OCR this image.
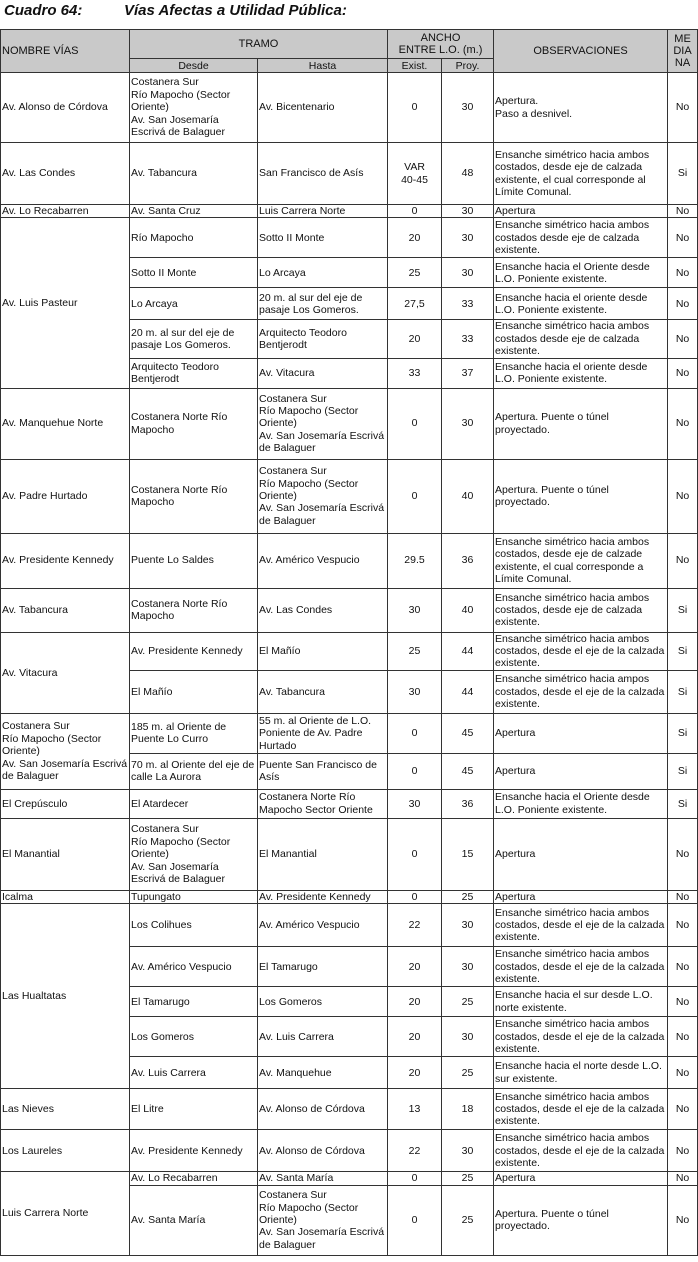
Cuadro 64:	Vías Afectas a Utilidad Pública:
NOMBRE VÍAS	TRAMO		ANCHO
ENTRE L.O. (m.)		OBSERVACIONES	ME
DIA
NA
	Desde	Hasta	Exist.	Proy.		
Av. Alonso de Córdova	Costanera Sur
Río Mapocho (Sector Oriente)
Av. San Josemaría Escrivá de Balaguer	Av. Bicentenario	0	30	Apertura.
Paso a desnivel.	No
Av. Las Condes	Av. Tabancura	San Francisco de Asís	VAR
40-45	48	Ensanche simétrico hacia ambos costados, desde eje de calzada existente, el cual corresponde al Límite Comunal.	Si
Av. Lo Recabarren	Av. Santa Cruz	Luis Carrera Norte	0	30	Apertura	No
Av. Luis Pasteur	Río Mapocho	Sotto II Monte	20	30	Ensanche simétrico hacia ambos costados desde eje de calzada existente.	No
	Sotto II Monte	Lo Arcaya	25	30	Ensanche hacia el Oriente desde L.O. Poniente existente.	No
	Lo Arcaya	20 m. al sur del eje de pasaje Los Gomeros.	27,5	33	Ensanche hacia el oriente desde L.O. Poniente existente.	No
	20 m. al sur del eje de pasaje Los Gomeros.	Arquitecto Teodoro Bentjerodt	20	33	Ensanche simétrico hacia ambos costados desde eje de calzada existente.	No
	Arquitecto Teodoro Bentjerodt	Av. Vitacura	33	37	Ensanche hacia el oriente desde L.O. Poniente existente.	No
Av. Manquehue Norte	Costanera Norte Río Mapocho	Costanera Sur
Río Mapocho (Sector Oriente)
Av. San Josemaría Escrivá de Balaguer	0	30	Apertura. Puente o túnel proyectado.	No
Av. Padre Hurtado	Costanera Norte Río Mapocho	Costanera Sur
Río Mapocho (Sector Oriente)
Av. San Josemaría Escrivá de Balaguer	0	40	Apertura. Puente o túnel proyectado.	No
Av. Presidente Kennedy	Puente Lo Saldes	Av. Américo Vespucio	29.5	36	Ensanche simétrico hacia ambos costados, desde eje de calzade existente, el cual corresponde a Límite Comunal.	No
Av. Tabancura	Costanera Norte Río Mapocho	Av. Las Condes	30	40	Ensanche simétrico hacia ambos costados, desde eje de calzada existente.	Si
Av. Vitacura	Av. Presidente Kennedy	El Mañío	25	44	Ensanche simétrico hacia ambos costados, desde el eje de la calzada existente.	Si
	El Mañío	Av. Tabancura	30	44	Ensanche simétrico hacia ampos costados, desde el eje de la calzada existente.	Si
Costanera Sur
Río Mapocho (Sector Oriente)
Av. San Josemaría Escrivá de Balaguer	185 m. al Oriente de Puente Lo Curro	55 m. al Oriente de L.O. Poniente de Av. Padre Hurtado	0	45	Apertura	Si
	70 m. al Oriente del eje de calle La Aurora	Puente San Francisco de Asís	0	45	Apertura	Si
El Crepúsculo	El Atardecer	Costanera Norte Río Mapocho Sector Oriente	30	36	Ensanche hacia el Oriente desde L.O. Poniente existente.	Si
El Manantial	Costanera Sur
Río Mapocho (Sector Oriente)
Av. San Josemaría Escrivá de Balaguer	El Manantial	0	15	Apertura	No
Icalma	Tupungato	Av. Presidente Kennedy	0	25	Apertura	No
Las Hualtatas	Los Colihues	Av. Américo Vespucio	22	30	Ensanche simétrico hacia ambos costados, desde el eje de la calzada existente.	No
	Av. Américo Vespucio	El Tamarugo	20	30	Ensanche simétrico hacia ambos costados, desde el eje de la calzada existente.	No
	El Tamarugo	Los Gomeros	20	25	Ensanche hacia el sur desde L.O. norte existente.	No
	Los Gomeros	Av. Luis Carrera	20	30	Ensanche simétrico hacia ambos costados, desde el eje de la calzada existente.	No
	Av. Luis Carrera	Av. Manquehue	20	25	Ensanche hacia el norte desde L.O. sur existente.	No
Las Nieves	El Litre	Av. Alonso de Córdova	13	18	Ensanche simétrico hacia ambos costados, desde el eje de la calzada existente.	No
Los Laureles	Av. Presidente Kennedy	Av. Alonso de Córdova	22	30	Ensanche simétrico hacia ambos costados, desde el eje de la calzada existente.	No
Luis Carrera Norte	Av. Lo Recabarren	Av. Santa María	0	25	Apertura	No
	Av. Santa María	Costanera Sur
Río Mapocho (Sector Oriente)
Av. San Josemaría Escrivá de Balaguer	0	25	Apertura. Puente o túnel proyectado.	No
